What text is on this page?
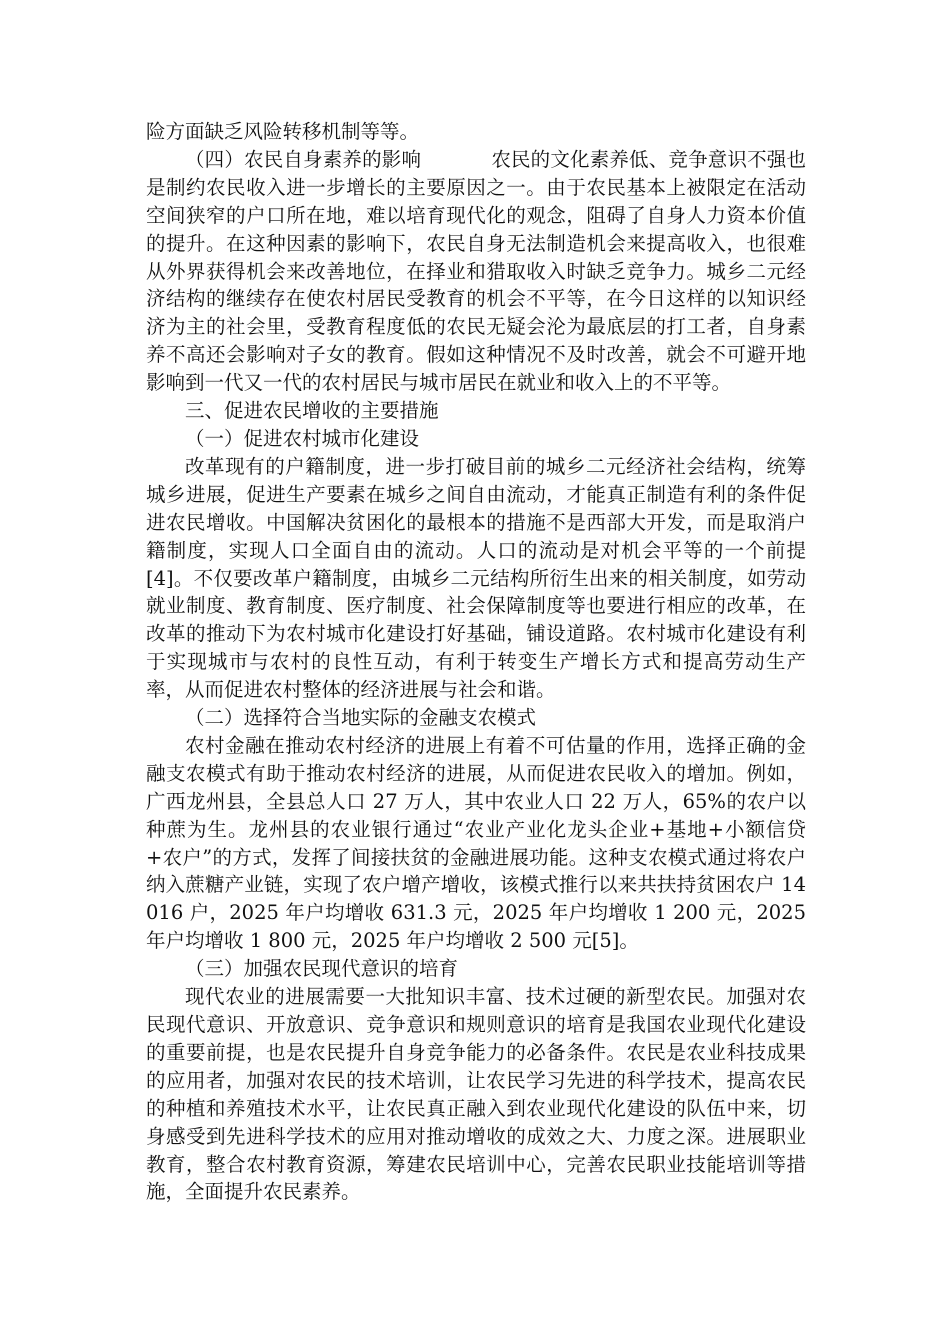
险方面缺乏风险转移机制等等。

（四）农民自身素养的影响	农民的文化素养低、竞争意识不强也是制约农民收入进一步增长的主要原因之一。由于农民基本上被限定在活动空间狭窄的户口所在地，难以培育现代化的观念，阻碍了自身人力资本价值的提升。在这种因素的影响下，农民自身无法制造机会来提高收入，也很难从外界获得机会来改善地位，在择业和猎取收入时缺乏竞争力。城乡二元经济结构的继续存在使农村居民受教育的机会不平等，在今日这样的以知识经济为主的社会里，受教育程度低的农民无疑会沦为最底层的打工者，自身素养不高还会影响对子女的教育。假如这种情况不及时改善，就会不可避开地影响到一代又一代的农村居民与城市居民在就业和收入上的不平等。

三、促进农民增收的主要措施

（一）促进农村城市化建设

改革现有的户籍制度，进一步打破目前的城乡二元经济社会结构，统筹城乡进展，促进生产要素在城乡之间自由流动，才能真正制造有利的条件促进农民增收。中国解决贫困化的最根本的措施不是西部大开发，而是取消户籍制度，实现人口全面自由的流动。人口的流动是对机会平等的一个前提[4]。不仅要改革户籍制度，由城乡二元结构所衍生出来的相关制度，如劳动就业制度、教育制度、医疗制度、社会保障制度等也要进行相应的改革，在改革的推动下为农村城市化建设打好基础，铺设道路。农村城市化建设有利于实现城市与农村的良性互动，有利于转变生产增长方式和提高劳动生产率，从而促进农村整体的经济进展与社会和谐。

（二）选择符合当地实际的金融支农模式

农村金融在推动农村经济的进展上有着不可估量的作用，选择正确的金融支农模式有助于推动农村经济的进展，从而促进农民收入的增加。例如，广西龙州县，全县总人口 27 万人，其中农业人口 22 万人，65%的农户以种蔗为生。龙州县的农业银行通过“农业产业化龙头企业+基地+小额信贷+农户”的方式，发挥了间接扶贫的金融进展功能。这种支农模式通过将农户纳入蔗糖产业链，实现了农户增产增收，该模式推行以来共扶持贫困农户 14 016 户，2025 年户均增收 631.3 元，2025 年户均增收 1 200 元，2025 年户均增收 1 800 元，2025 年户均增收 2 500 元[5]。

（三）加强农民现代意识的培育

现代农业的进展需要一大批知识丰富、技术过硬的新型农民。加强对农民现代意识、开放意识、竞争意识和规则意识的培育是我国农业现代化建设的重要前提，也是农民提升自身竞争能力的必备条件。农民是农业科技成果的应用者，加强对农民的技术培训，让农民学习先进的科学技术，提高农民的种植和养殖技术水平，让农民真正融入到农业现代化建设的队伍中来，切身感受到先进科学技术的应用对推动增收的成效之大、力度之深。进展职业教育，整合农村教育资源，筹建农民培训中心，完善农民职业技能培训等措施，全面提升农民素养。
